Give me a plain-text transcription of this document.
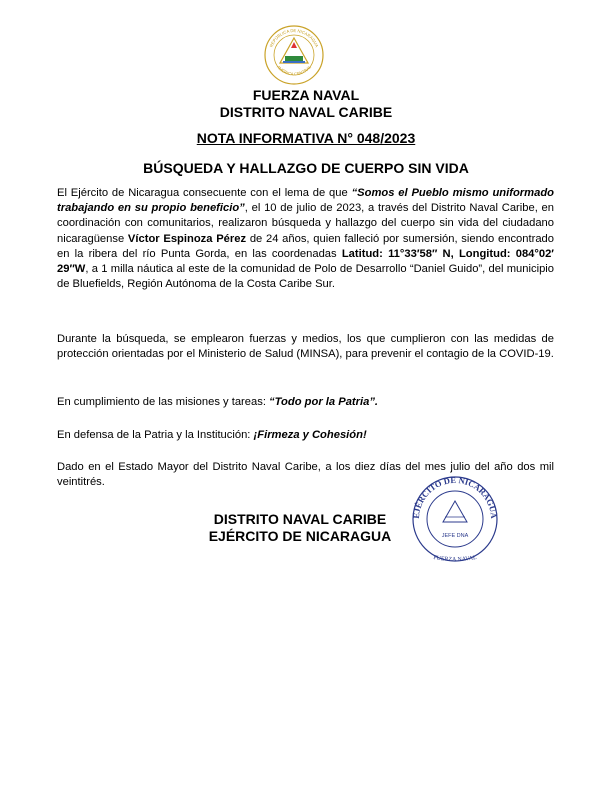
REPÚBLICA DE NICARAGUA
AMÉRICA CENTRAL
FUERZA NAVAL
DISTRITO NAVAL CARIBE
NOTA INFORMATIVA N° 048/2023
BÚSQUEDA Y HALLAZGO DE CUERPO SIN VIDA

El Ejército de Nicaragua consecuente con el lema de que “Somos el Pueblo mismo uniformado trabajando en su propio beneficio”, el 10 de julio de 2023, a través del Distrito Naval Caribe, en coordinación con comunitarios, realizaron búsqueda y hallazgo del cuerpo sin vida del ciudadano nicaragüense Víctor Espinoza Pérez de 24 años, quien falleció por sumersión, siendo encontrado en la ribera del río Punta Gorda, en las coordenadas Latitud: 11°33′58″ N, Longitud: 084°02′ 29″W, a 1 milla náutica al este de la comunidad de Polo de Desarrollo “Daniel Guido”, del municipio de Bluefields, Región Autónoma de la Costa Caribe Sur.

Durante la búsqueda, se emplearon fuerzas y medios, los que cumplieron con las medidas de protección orientadas por el Ministerio de Salud (MINSA), para prevenir el contagio de la COVID-19.

En cumplimiento de las misiones y tareas: “Todo por la Patria”.

En defensa de la Patria y la Institución: ¡Firmeza y Cohesión!

Dado en el Estado Mayor del Distrito Naval Caribe, a los diez días del mes julio del año dos mil veintitrés.

DISTRITO NAVAL CARIBE
EJÉRCITO DE NICARAGUA
EJÉRCITO DE NICARAGUA
JEFE DNA
FUERZA NAVAL
